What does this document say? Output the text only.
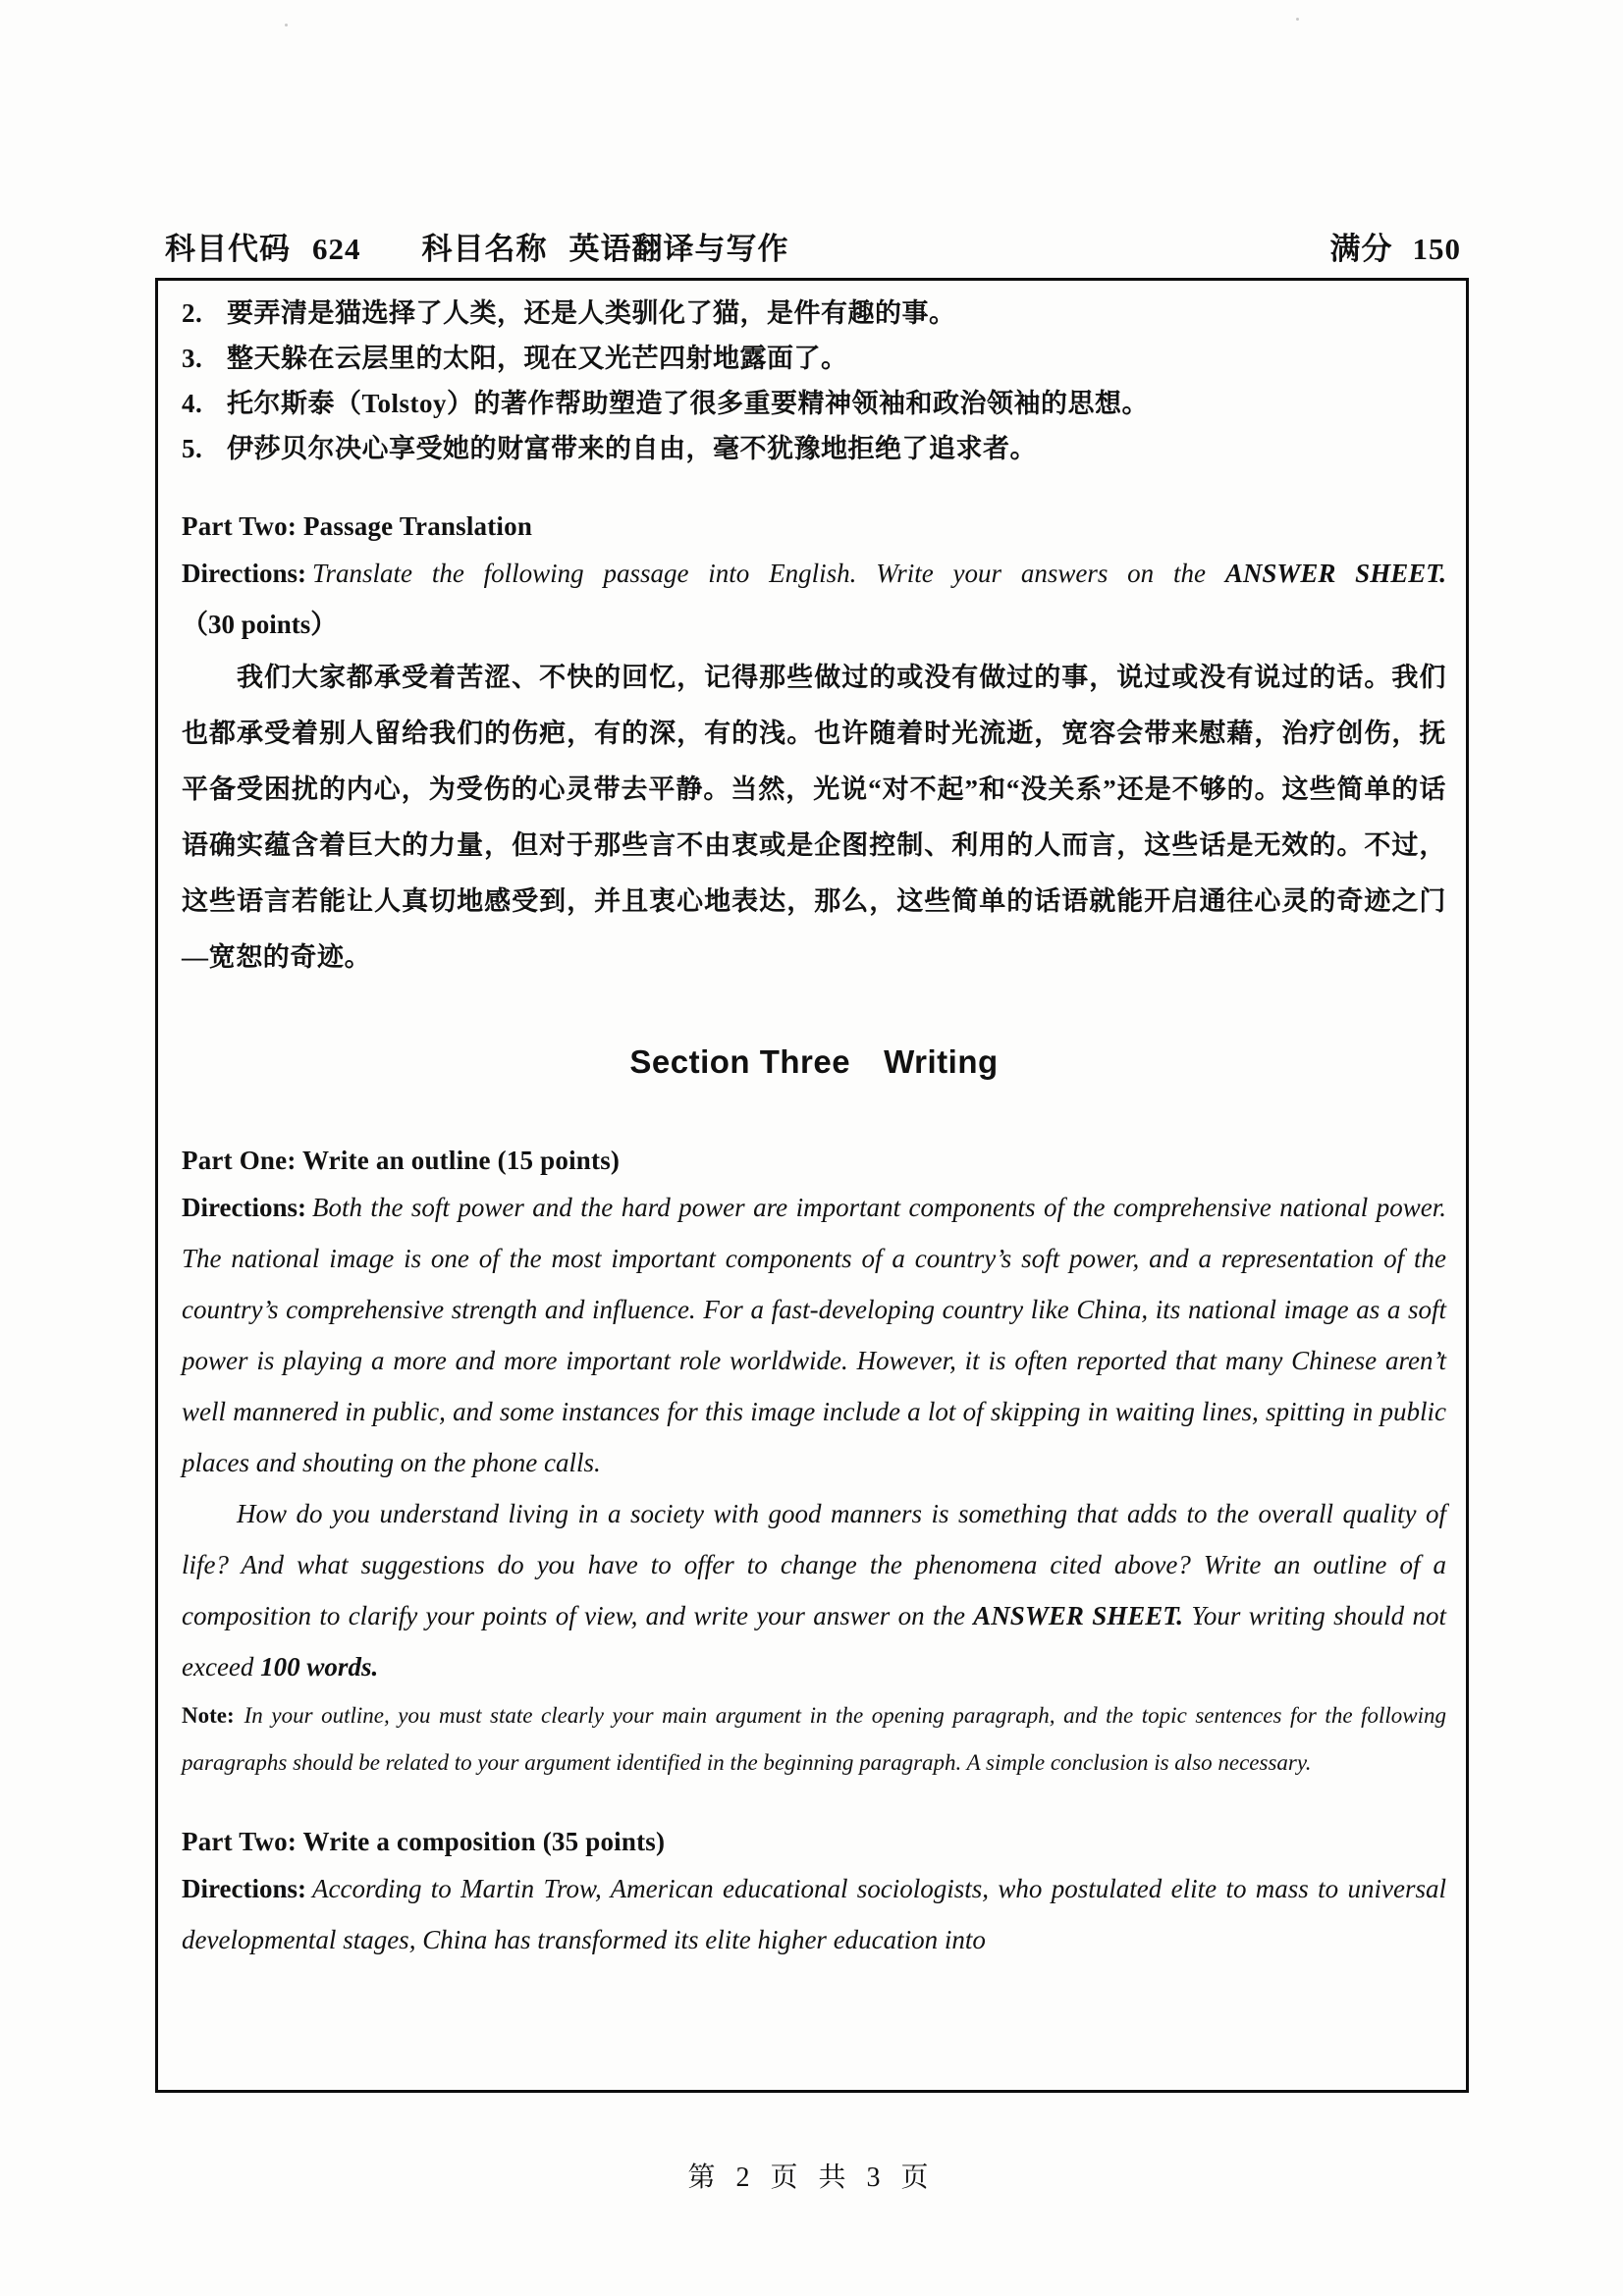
科目代码 624 科目名称 英语翻译与写作	满分 150
2. 要弄清是猫选择了人类，还是人类驯化了猫，是件有趣的事。
3. 整天躲在云层里的太阳，现在又光芒四射地露面了。
4. 托尔斯泰（Tolstoy）的著作帮助塑造了很多重要精神领袖和政治领袖的思想。
5. 伊莎贝尔决心享受她的财富带来的自由，毫不犹豫地拒绝了追求者。
Part Two: Passage Translation
Directions: Translate the following passage into English. Write your answers on the ANSWER SHEET.（30 points）
我们大家都承受着苦涩、不快的回忆，记得那些做过的或没有做过的事，说过或没有说过的话。我们也都承受着别人留给我们的伤疤，有的深，有的浅。也许随着时光流逝，宽容会带来慰藉，治疗创伤，抚平备受困扰的内心，为受伤的心灵带去平静。当然，光说“对不起”和“没关系”还是不够的。这些简单的话语确实蕴含着巨大的力量，但对于那些言不由衷或是企图控制、利用的人而言，这些话是无效的。不过，这些语言若能让人真切地感受到，并且衷心地表达，那么，这些简单的话语就能开启通往心灵的奇迹之门—宽恕的奇迹。
Section Three Writing
Part One: Write an outline (15 points)
Directions: Both the soft power and the hard power are important components of the comprehensive national power. The national image is one of the most important components of a country’s soft power, and a representation of the country’s comprehensive strength and influence. For a fast-developing country like China, its national image as a soft power is playing a more and more important role worldwide. However, it is often reported that many Chinese aren’t well mannered in public, and some instances for this image include a lot of skipping in waiting lines, spitting in public places and shouting on the phone calls.
How do you understand living in a society with good manners is something that adds to the overall quality of life? And what suggestions do you have to offer to change the phenomena cited above? Write an outline of a composition to clarify your points of view, and write your answer on the ANSWER SHEET. Your writing should not exceed 100 words.
Note: In your outline, you must state clearly your main argument in the opening paragraph, and the topic sentences for the following paragraphs should be related to your argument identified in the beginning paragraph. A simple conclusion is also necessary.
Part Two: Write a composition (35 points)
Directions: According to Martin Trow, American educational sociologists, who postulated elite to mass to universal developmental stages, China has transformed its elite higher education into
第 2 页 共 3 页
